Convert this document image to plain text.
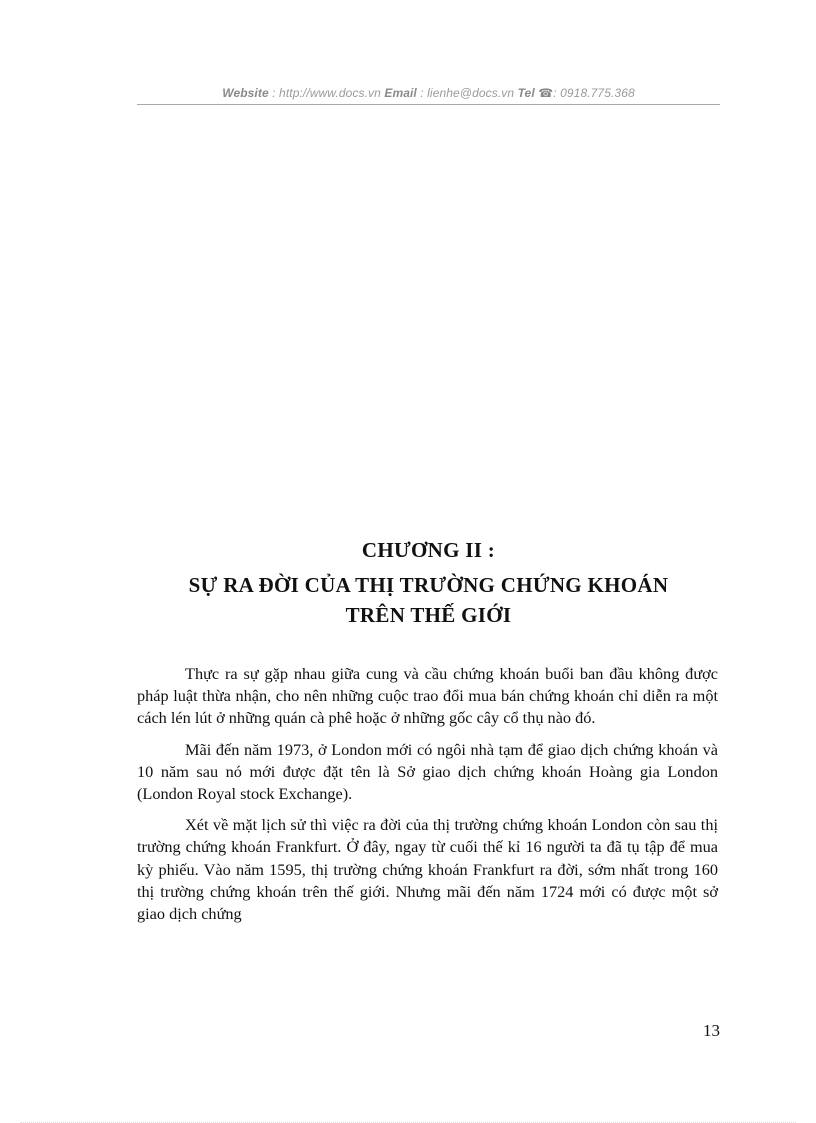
Website : http://www.docs.vn Email : lienhe@docs.vn Tel ☎: 0918.775.368
CHƯƠNG II :
SỰ RA ĐỜI CỦA THỊ TRƯỜNG CHỨNG KHOÁN
TRÊN THẾ GIỚI

Thực ra sự gặp nhau giữa cung và cầu chứng khoán buổi ban đầu không được pháp luật thừa nhận, cho nên những cuộc trao đổi mua bán chứng khoán chỉ diễn ra một cách lén lút ở những quán cà phê hoặc ở những gốc cây cổ thụ nào đó.

Mãi đến năm 1973, ở London mới có ngôi nhà tạm để giao dịch chứng khoán và 10 năm sau nó mới được đặt tên là Sở giao dịch chứng khoán Hoàng gia London (London Royal stock Exchange).

Xét về mặt lịch sử thì việc ra đời của thị trường chứng khoán London còn sau thị trường chứng khoán Frankfurt. Ở đây, ngay từ cuối thế kỉ 16 người ta đã tụ tập để mua kỳ phiếu. Vào năm 1595, thị trường chứng khoán Frankfurt ra đời, sớm nhất trong 160 thị trường chứng khoán trên thế giới. Nhưng mãi đến năm 1724 mới có được một sở giao dịch chứng

13
